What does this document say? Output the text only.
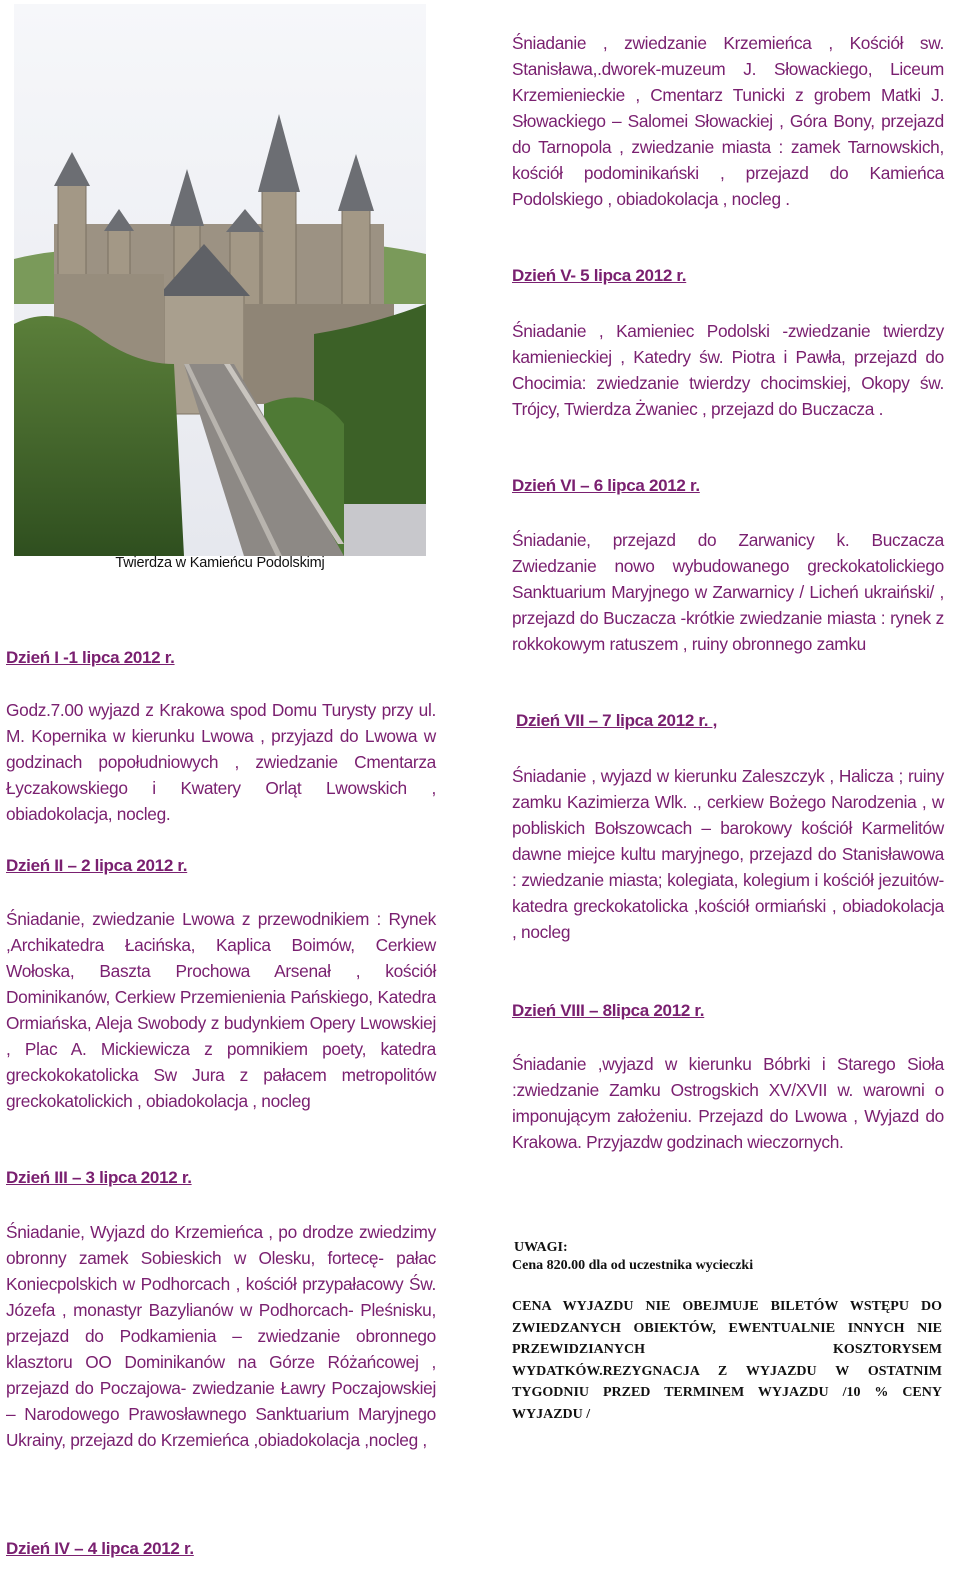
Twierdza w Kamieńcu Podolskimj
Dzień I -1 lipca 2012 r.
Godz.7.00 wyjazd z Krakowa spod Domu Turysty przy ul. M. Kopernika w kierunku Lwowa , przyjazd do Lwowa w godzinach popołudniowych , zwiedzanie Cmentarza Łyczakowskiego i Kwatery Orląt Lwowskich , obiadokolacja, nocleg.
Dzień II – 2 lipca 2012 r.
Śniadanie, zwiedzanie Lwowa z przewodnikiem : Rynek ,Archikatedra Łacińska, Kaplica Boimów, Cerkiew Wołoska, Baszta Prochowa Arsenał , kościół Dominikanów, Cerkiew Przemienienia Pańskiego, Katedra Ormiańska, Aleja Swobody z budynkiem Opery Lwowskiej , Plac A. Mickiewicza z pomnikiem poety, katedra greckokokatolicka Sw Jura z pałacem metropolitów greckokatolickich , obiadokolacja , nocleg
Dzień III – 3 lipca 2012 r.
Śniadanie, Wyjazd do Krzemieńca , po drodze zwiedzimy obronny zamek Sobieskich w Olesku, fortecę- pałac Koniecpolskich w Podhorcach , kościół przypałacowy Św. Józefa , monastyr Bazylianów w Podhorcach- Pleśnisku, przejazd do Podkamienia – zwiedzanie obronnego klasztoru OO Dominikanów na Górze Różańcowej , przejazd do Poczajowa- zwiedzanie Ławry Poczajowskiej – Narodowego Prawosławnego Sanktuarium Maryjnego Ukrainy, przejazd do Krzemieńca ,obiadokolacja ,nocleg ,
Dzień IV – 4 lipca 2012 r.
Śniadanie , zwiedzanie Krzemieńca , Kościół sw. Stanisława,.dworek-muzeum J. Słowackiego, Liceum Krzemienieckie , Cmentarz Tunicki z grobem Matki J. Słowackiego – Salomei Słowackiej , Góra Bony, przejazd do Tarnopola , zwiedzanie miasta : zamek Tarnowskich, kościół podominikański , przejazd do Kamieńca Podolskiego , obiadokolacja , nocleg .
Dzień V- 5 lipca 2012 r.
Śniadanie , Kamieniec Podolski -zwiedzanie twierdzy kamienieckiej , Katedry św. Piotra i Pawła, przejazd do Chocimia: zwiedzanie twierdzy chocimskiej, Okopy św. Trójcy, Twierdza Żwaniec , przejazd do Buczacza .
Dzień VI – 6 lipca 2012 r.
Śniadanie, przejazd do Zarwanicy k. Buczacza Zwiedzanie nowo wybudowanego greckokatolickiego Sanktuarium Maryjnego w Zarwarnicy / Licheń ukraiński/ , przejazd do Buczacza -krótkie zwiedzanie miasta : rynek z rokkokowym ratuszem , ruiny obronnego zamku
Dzień VII – 7 lipca 2012 r. ,
Śniadanie , wyjazd w kierunku Zaleszczyk , Halicza ; ruiny zamku Kazimierza Wlk. ., cerkiew Bożego Narodzenia , w pobliskich Bołszowcach – barokowy kościół Karmelitów dawne miejce kultu maryjnego, przejazd do Stanisławowa : zwiedzanie miasta; kolegiata, kolegium i kościół jezuitów- katedra greckokatolicka ,kościół ormiański , obiadokolacja , nocleg
Dzień VIII – 8lipca 2012 r.
Śniadanie ,wyjazd w kierunku Bóbrki i Starego Sioła :zwiedzanie Zamku Ostrogskich XV/XVII w. warowni o imponującym założeniu. Przejazd do Lwowa , Wyjazd do Krakowa. Przyjazdw godzinach wieczornych.
UWAGI:
Cena 820.00 dla od uczestnika wycieczki
CENA WYJAZDU NIE OBEJMUJE BILETÓW WSTĘPU DO ZWIEDZANYCH OBIEKTÓW, EWENTUALNIE INNYCH NIE PRZEWIDZIANYCH KOSZTORYSEM WYDATKÓW.REZYGNACJA Z WYJAZDU W OSTATNIM TYGODNIU PRZED TERMINEM WYJAZDU /10 % CENY WYJAZDU /
